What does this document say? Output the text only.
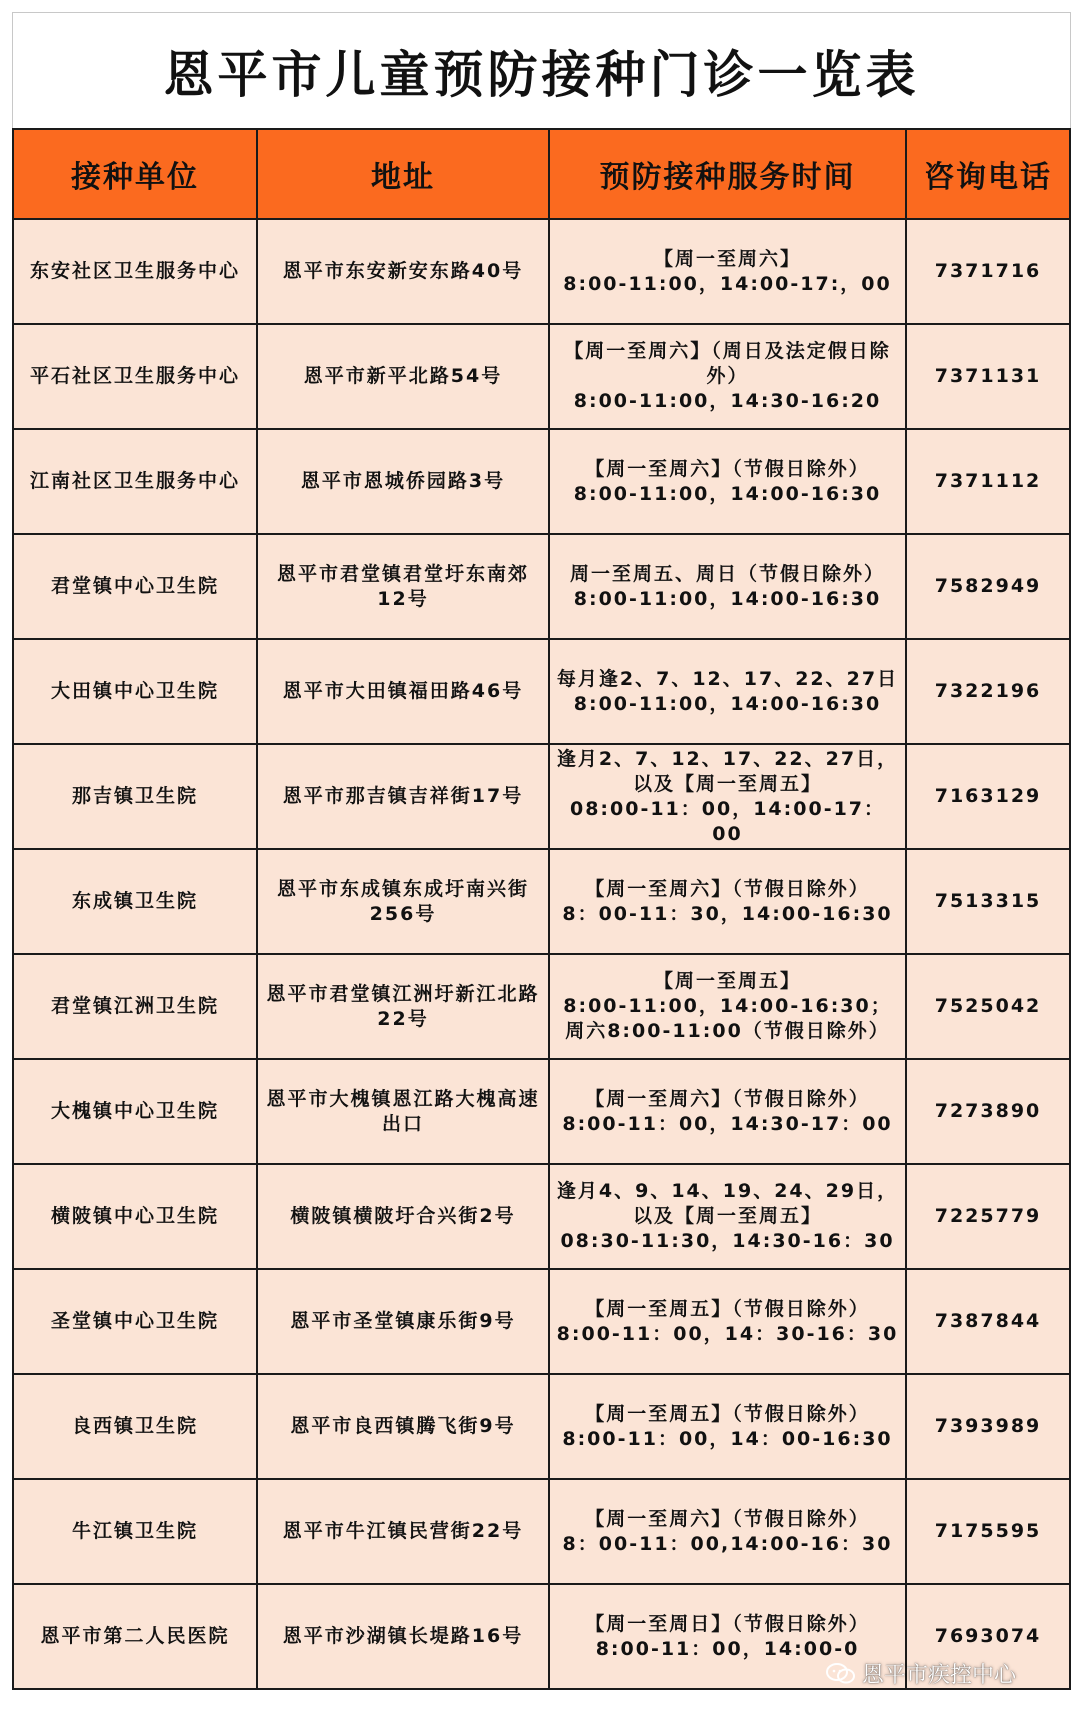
恩平市儿童预防接种门诊一览表
接种单位	地址	预防接种服务时间	咨询电话
东安社区卫生服务中心	恩平市东安新安东路40号	【周一至周六】
8:00-11:00，14:00-17:，00	7371716
平石社区卫生服务中心	恩平市新平北路54号	【周一至周六】（周日及法定假日除外）
8:00-11:00，14:30-16:20	7371131
江南社区卫生服务中心	恩平市恩城侨园路3号	【周一至周六】（节假日除外）
8:00-11:00，14:00-16:30	7371112
君堂镇中心卫生院	恩平市君堂镇君堂圩东南郊12号	周一至周五、周日（节假日除外）
8:00-11:00，14:00-16:30	7582949
大田镇中心卫生院	恩平市大田镇福田路46号	每月逢2、7、12、17、22、27日
8:00-11:00，14:00-16:30	7322196
那吉镇卫生院	恩平市那吉镇吉祥街17号	逢月2、7、12、17、22、27日，以及【周一至周五】
08:00-11：00，14:00-17：00	7163129
东成镇卫生院	恩平市东成镇东成圩南兴街256号	【周一至周六】（节假日除外）
8：00-11：30，14:00-16:30	7513315
君堂镇江洲卫生院	恩平市君堂镇江洲圩新江北路22号	【周一至周五】
8:00-11:00，14:00-16:30；周六8:00-11:00（节假日除外）	7525042
大槐镇中心卫生院	恩平市大槐镇恩江路大槐高速出口	【周一至周六】（节假日除外）
8:00-11：00，14:30-17：00	7273890
横陂镇中心卫生院	横陂镇横陂圩合兴街2号	逢月4、9、14、19、24、29日，以及【周一至周五】
08:30-11:30，14:30-16：30	7225779
圣堂镇中心卫生院	恩平市圣堂镇康乐街9号	【周一至周五】（节假日除外）
8:00-11：00，14：30-16：30	7387844
良西镇卫生院	恩平市良西镇腾飞街9号	【周一至周五】（节假日除外）
8:00-11：00，14：00-16:30	7393989
牛江镇卫生院	恩平市牛江镇民营街22号	【周一至周六】（节假日除外）
8：00-11：00,14:00-16：30	7175595
恩平市第二人民医院	恩平市沙湖镇长堤路16号	【周一至周日】（节假日除外）
8:00-11：00，14:00-0	7693074
恩平市疾控中心
